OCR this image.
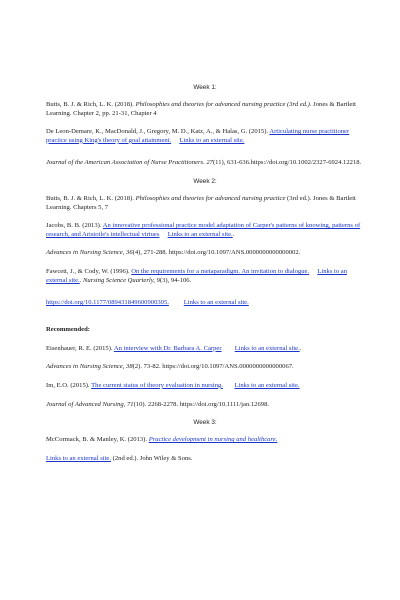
Week 1:

Butts, B. J. & Rich, L. K. (2018). Philosophies and theories for advanced nursing practice (3rd ed.). Jones & Bartlett Learning. Chapter 2, pp. 21-31, Chapter 4

De Leon-Demare, K., MacDonald, J., Gregory, M. D., Katz, A., & Halas, G. (2015). Articulating nurse practitioner practice using King's theory of goal attainment. Links to an external site.

Journal of the American Association of Nurse Practitioners. 27(11), 631-636.https://doi.org/10.1002/2327-6924.12218.

Week 2:

Butts, B. J. & Rich, L. K. (2018). Philosophies and theories for advanced nursing practice (3rd ed.). Jones & Bartlett Learning. Chapters 5, 7

Jacobs, B. B. (2013). An innovative professional practice model adaptation of Carper's patterns of knowing, patterns of research, and Aristotle's intellectual virtues Links to an external site..

Advances in Nursing Science, 36(4), 271-288. https://doi.org/10.1097/ANS.0000000000000002.

Fawcett, J., & Cody, W. (1996). On the requirements for a metaparadigm. An invitation to dialogue. Links to an external site.. Nursing Science Quarterly, 9(3), 94-106.

https://doi.org/10.1177/089431849600900305. Links to an external site.

Recommended:

Eisenhauer, R. E. (2015). An interview with Dr. Barbara A. Carper Links to an external site..

Advances in Nursing Science, 38(2). 73-82. https://doi.org/10.1097/ANS.0000000000000067.

Im, E.O. (2015). The current status of theory evaluation in nursing. Links to an external site.

Journal of Advanced Nursing, 71(10). 2268-2278. https://doi.org/10.1111/jan.12698.

Week 3:

McCormack, B. & Manley, K. (2013). Practice development in nursing and healthcare.

Links to an external site. (2nd ed.). John Wiley & Sons.
